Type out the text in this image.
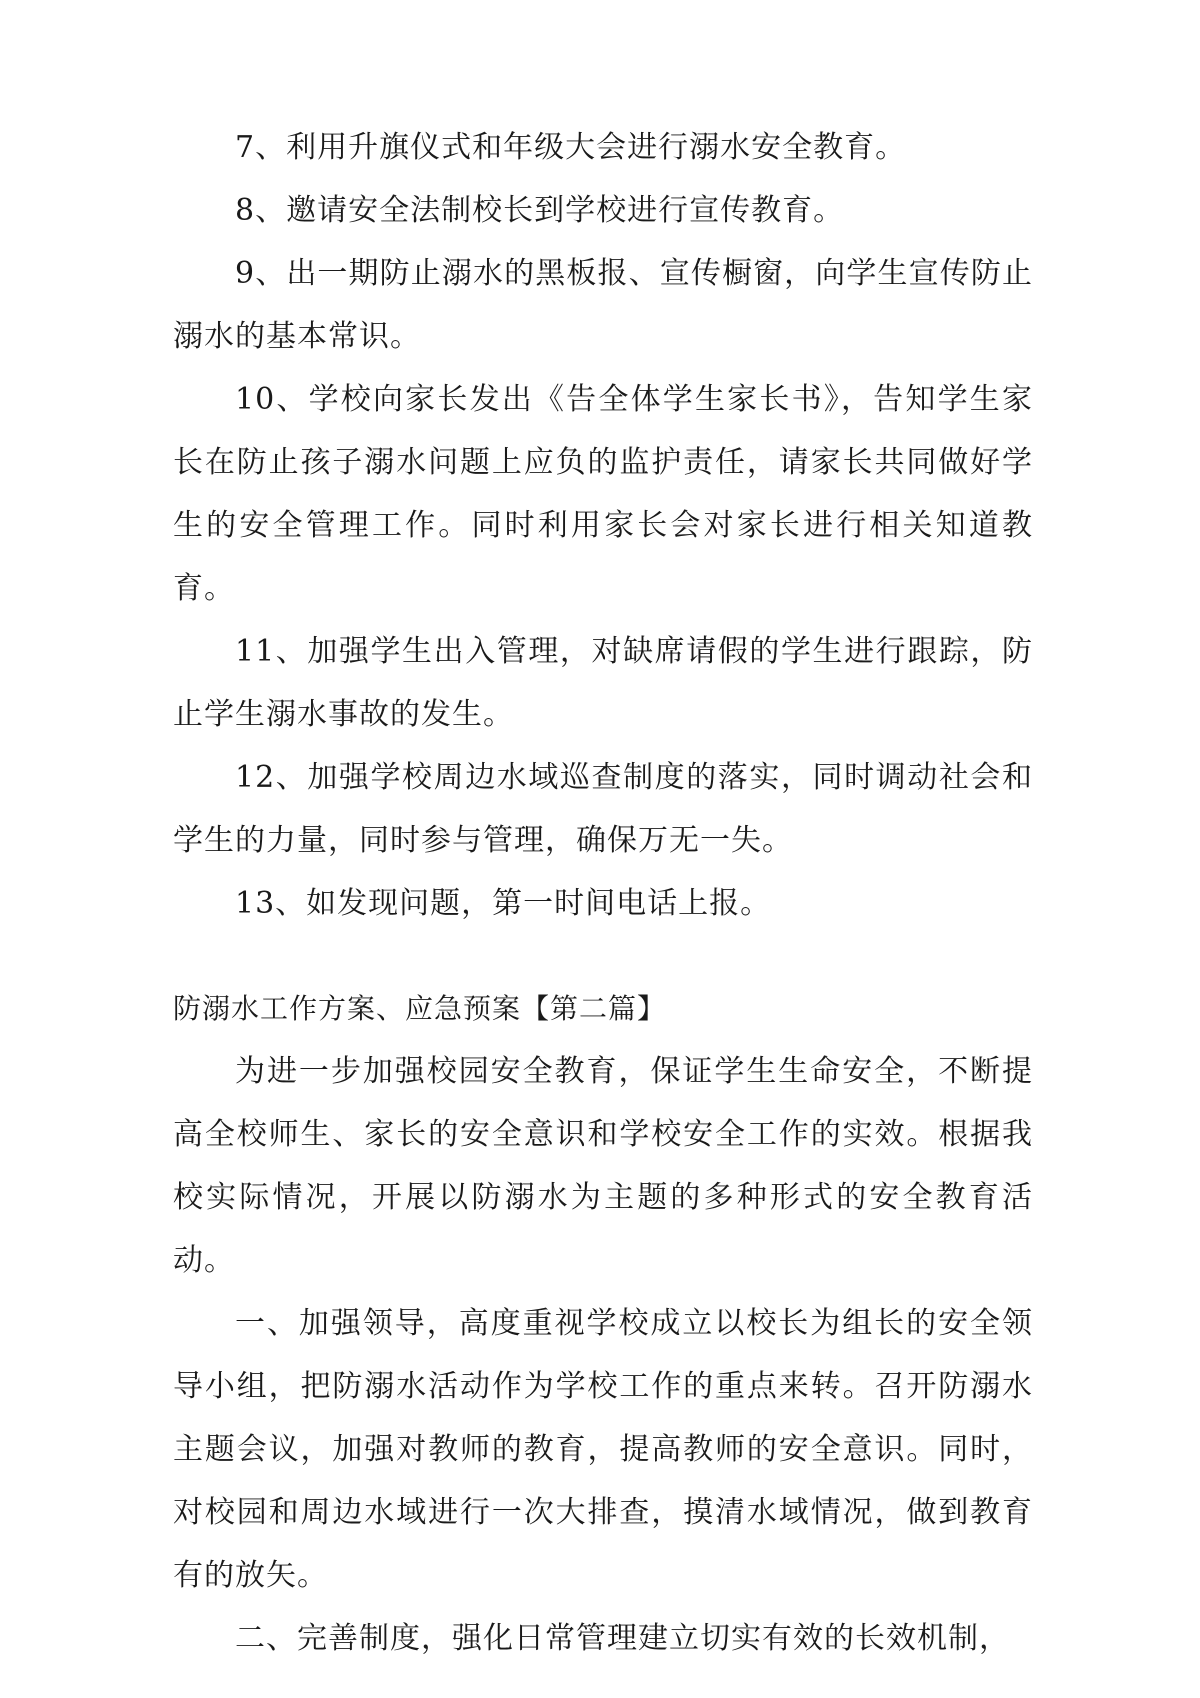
7、利用升旗仪式和年级大会进行溺水安全教育。

8、邀请安全法制校长到学校进行宣传教育。

9、出一期防止溺水的黑板报、宣传橱窗，向学生宣传防止溺水的基本常识。

10、学校向家长发出《告全体学生家长书》，告知学生家长在防止孩子溺水问题上应负的监护责任，请家长共同做好学生的安全管理工作。同时利用家长会对家长进行相关知道教育。

11、加强学生出入管理，对缺席请假的学生进行跟踪，防止学生溺水事故的发生。

12、加强学校周边水域巡查制度的落实，同时调动社会和学生的力量，同时参与管理，确保万无一失。

13、如发现问题，第一时间电话上报。

防溺水工作方案、应急预案【第二篇】

为进一步加强校园安全教育，保证学生生命安全，不断提高全校师生、家长的安全意识和学校安全工作的实效。根据我校实际情况，开展以防溺水为主题的多种形式的安全教育活动。

一、加强领导，高度重视学校成立以校长为组长的安全领导小组，把防溺水活动作为学校工作的重点来转。召开防溺水主题会议，加强对教师的教育，提高教师的安全意识。同时，对校园和周边水域进行一次大排查，摸清水域情况，做到教育有的放矢。

二、完善制度，强化日常管理建立切实有效的长效机制，
